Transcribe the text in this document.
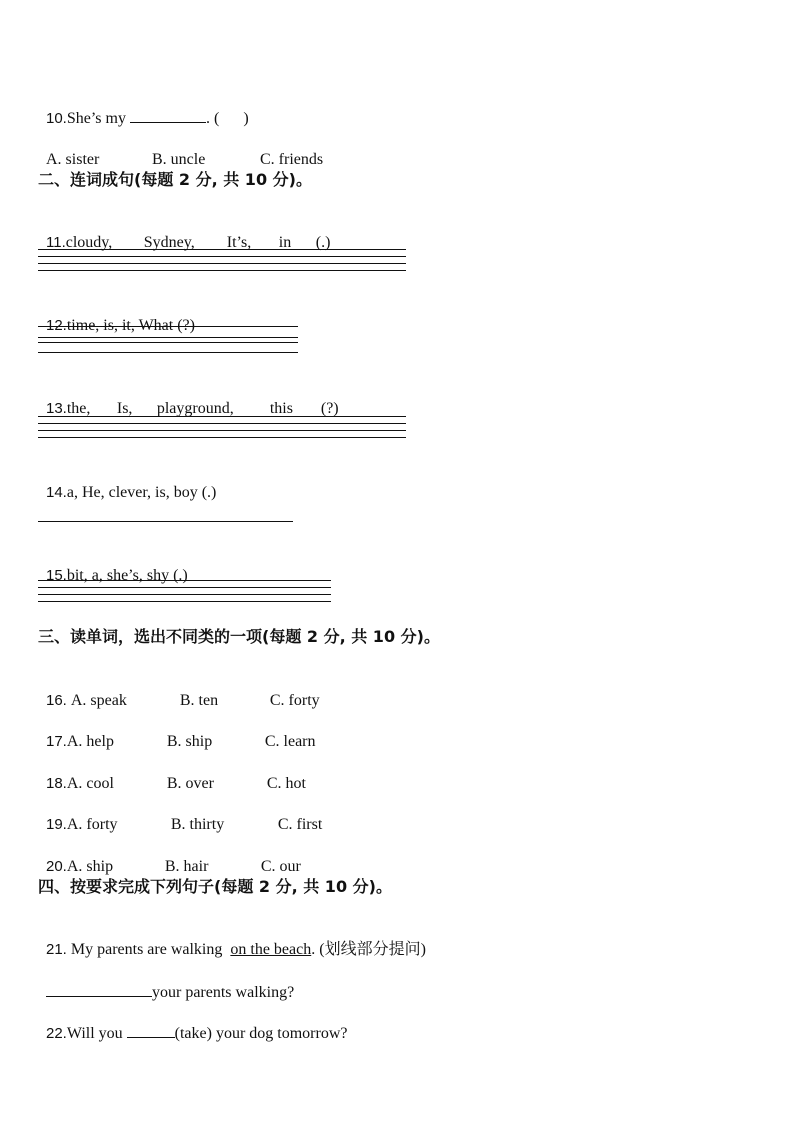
10.She’s my	. (      )

A. sister	B. uncle	C. friends

二、连词成句(每题 2 分, 共 10 分)。

11.cloudy, Sydney, It’s, in (.)

12.time, is, it, What (?)

13.the, Is, playground, this (?)

14.a, He, clever, is, boy (.)

15.bit, a, she’s, shy (.)

三、读单词，选出不同类的一项(每题 2 分, 共 10 分)。

16. A. speak	B. ten	C. forty

17.A. help	B. ship	C. learn

18.A. cool	B. over	C. hot

19.A. forty	B. thirty	C. first

20.A. ship	B. hair	C. our

四、按要求完成下列句子(每题 2 分, 共 10 分)。

21. My parents are walking on the beach. (划线部分提问)

your parents walking?

22.Will you	(take) your dog tomorrow?
